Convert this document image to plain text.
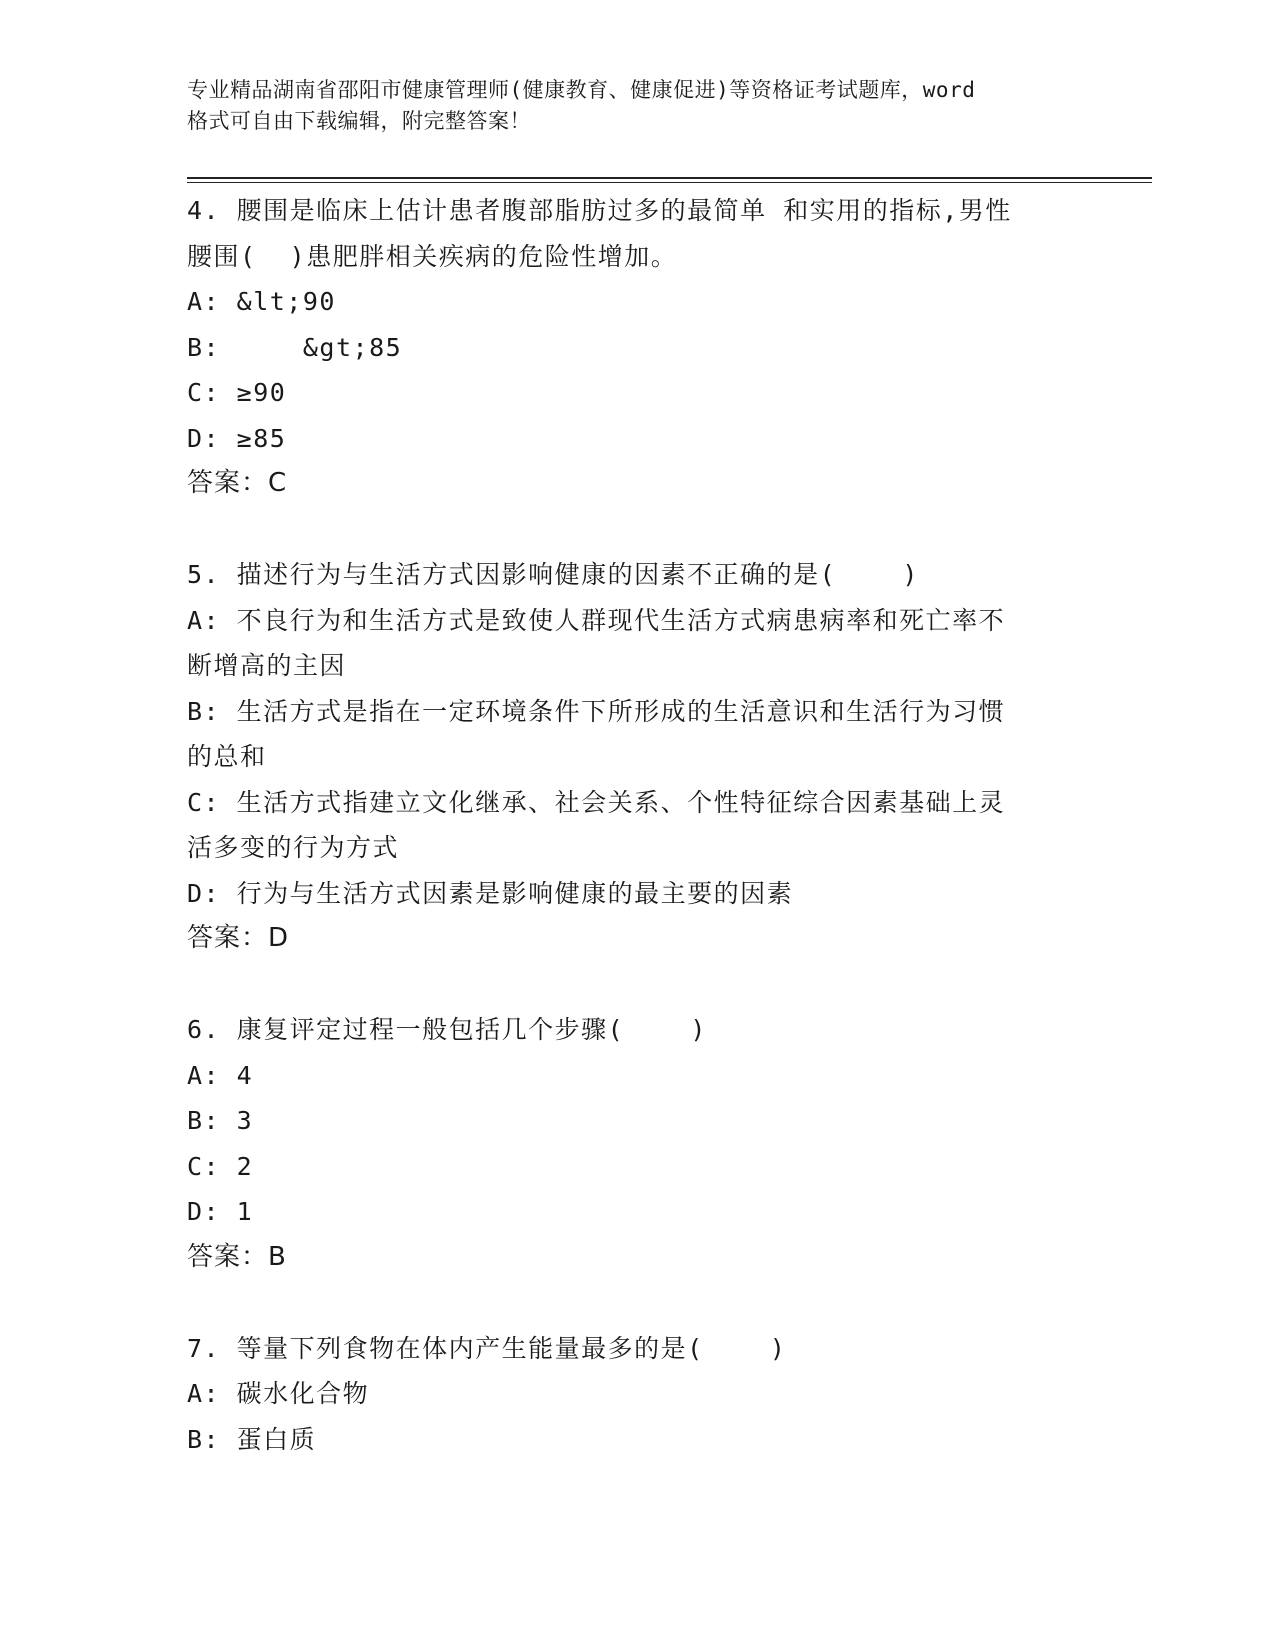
专业精品湖南省邵阳市健康管理师(健康教育、健康促进)等资格证考试题库，word
格式可自由下载编辑，附完整答案！
4. 腰围是临床上估计患者腹部脂肪过多的最简单 和实用的指标,男性
腰围(  )患肥胖相关疾病的危险性增加。
A: &lt;90
B:     &gt;85
C: ≥90
D: ≥85
答案：C
5. 描述行为与生活方式因影响健康的因素不正确的是(    )
A: 不良行为和生活方式是致使人群现代生活方式病患病率和死亡率不
断增高的主因
B: 生活方式是指在一定环境条件下所形成的生活意识和生活行为习惯
的总和
C: 生活方式指建立文化继承、社会关系、个性特征综合因素基础上灵
活多变的行为方式
D: 行为与生活方式因素是影响健康的最主要的因素
答案：D
6. 康复评定过程一般包括几个步骤(    )
A: 4
B: 3
C: 2
D: 1
答案：B
7. 等量下列食物在体内产生能量最多的是(    )
A: 碳水化合物
B: 蛋白质
